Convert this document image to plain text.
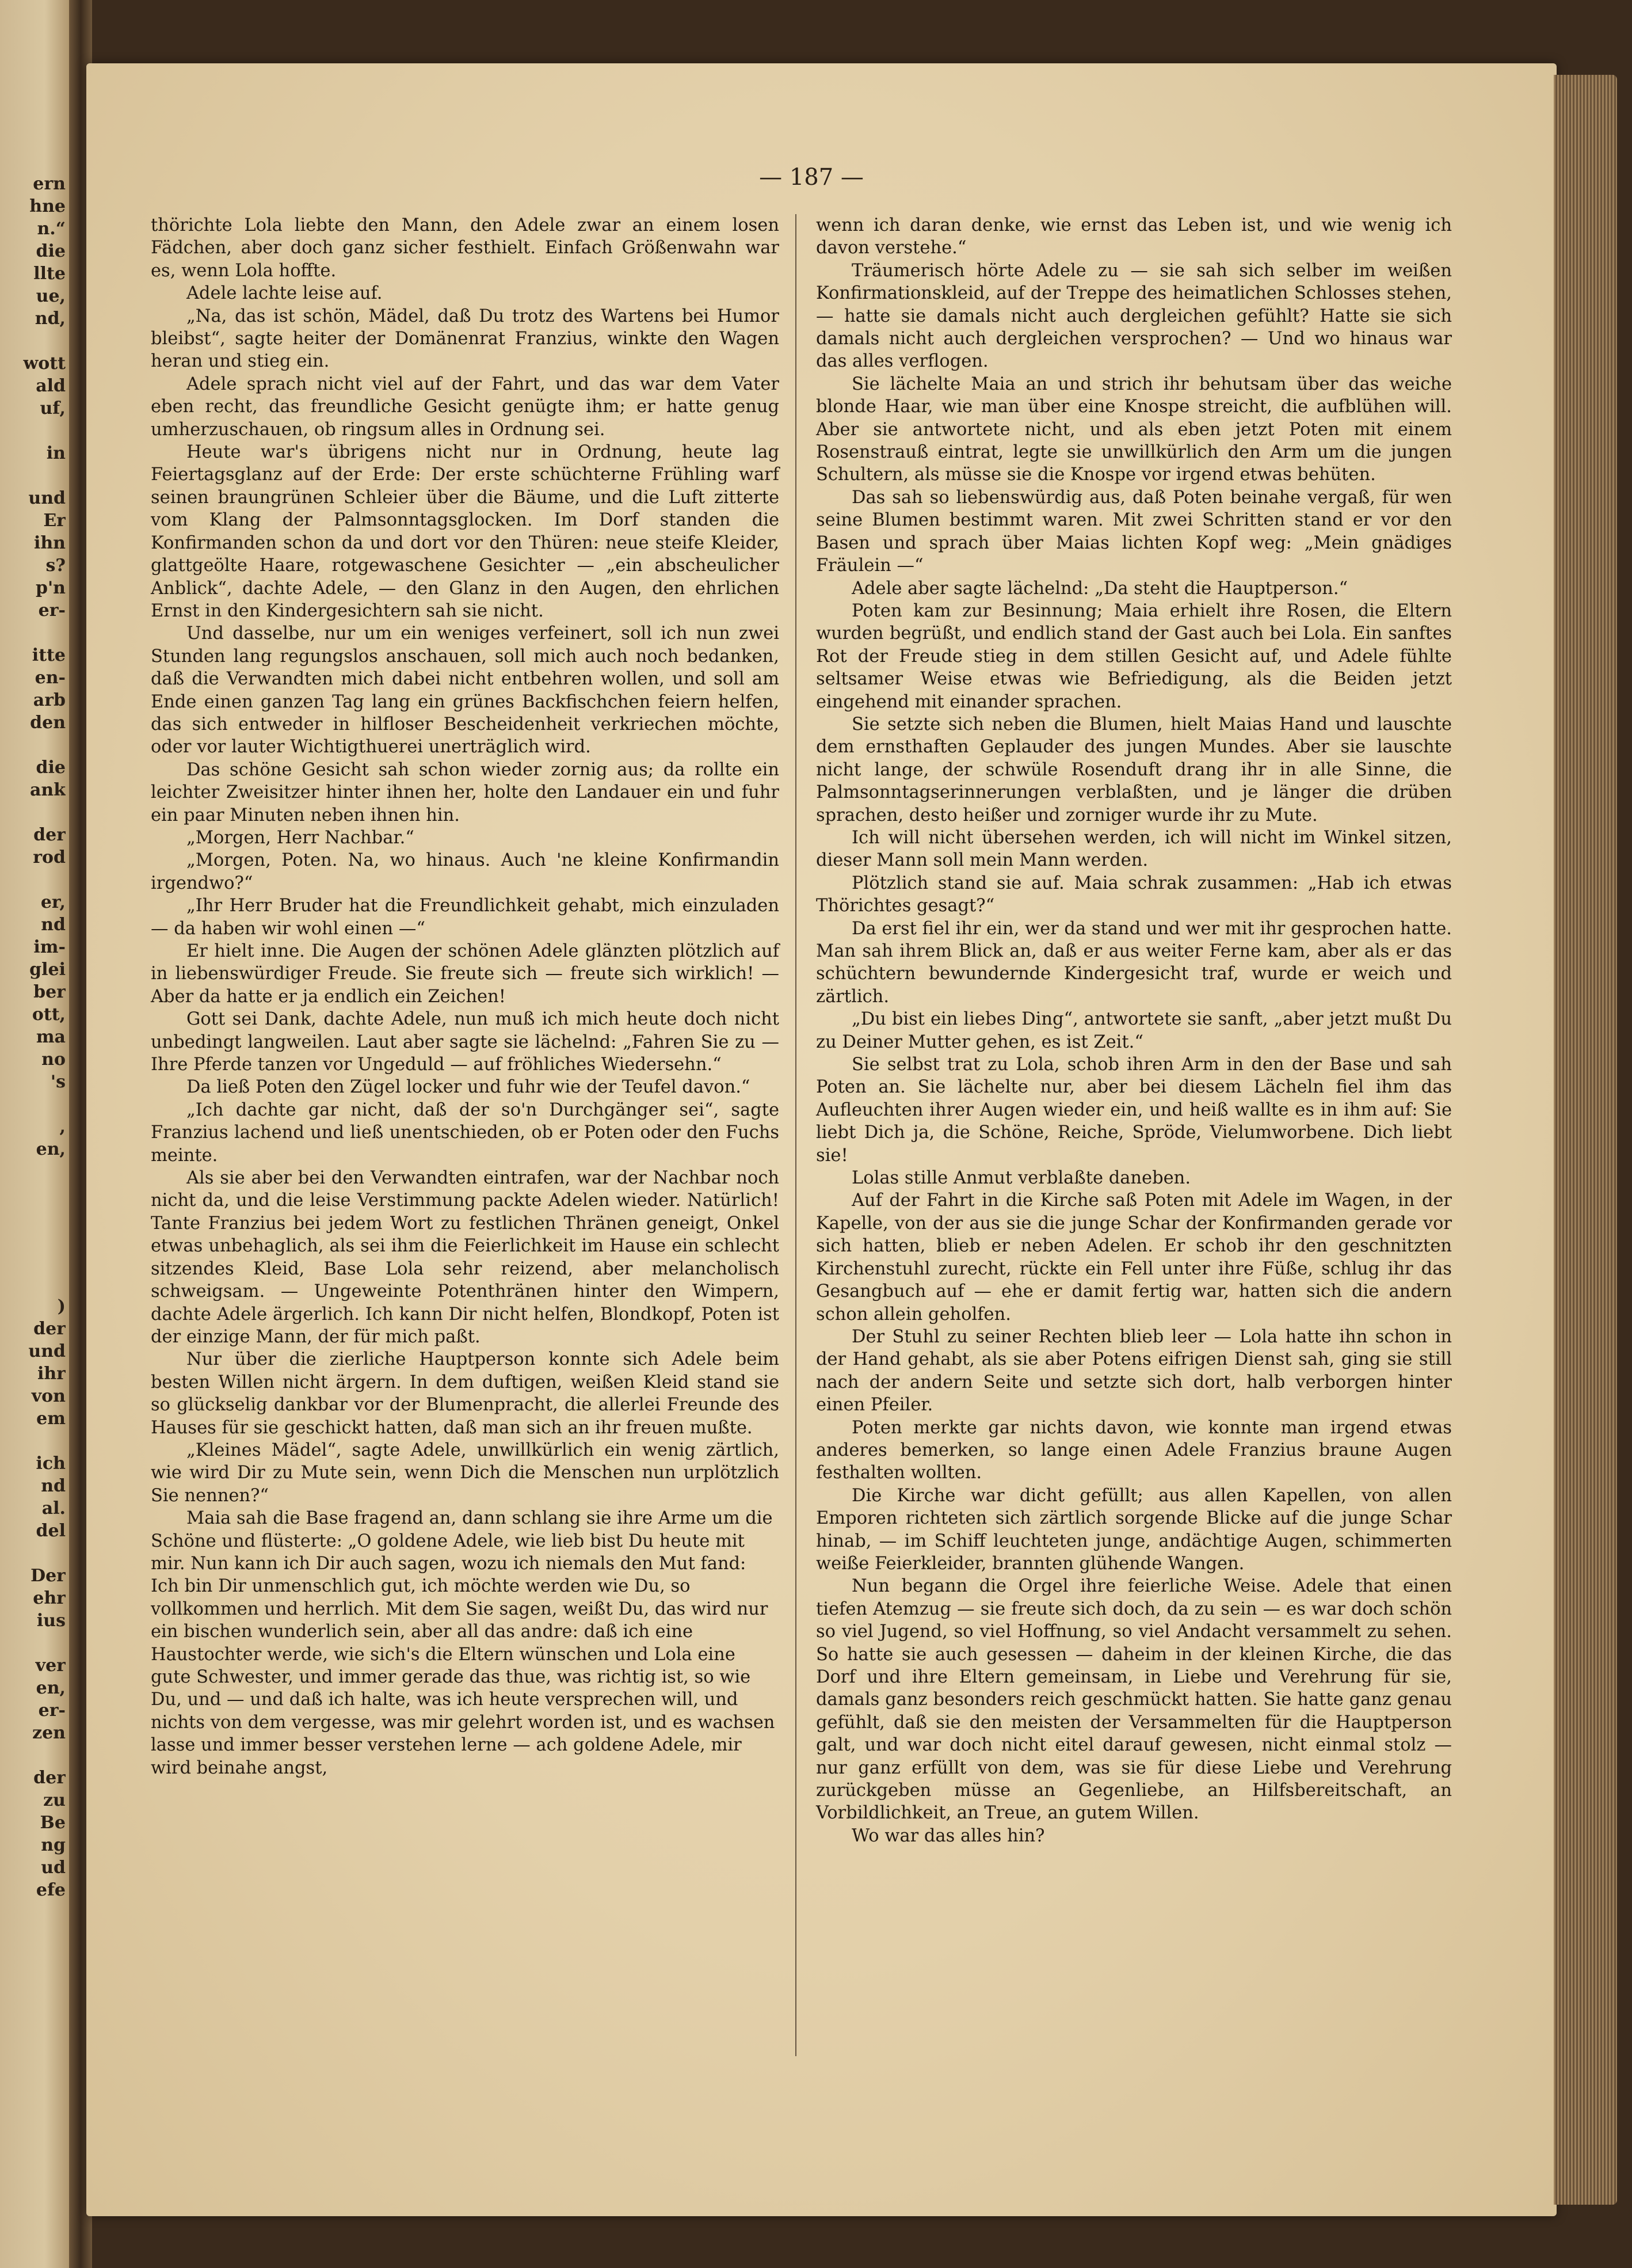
ern
hne
n.“
die
llte
ue,
nd,
wott
ald
uf,
in
und
Er
ihn
s?
p'n
er-
itte
en-
arb
den
die
ank
der
rod
er,
nd
im-
glei
ber
ott,
ma
no
's
,
en,
)
der
und
ihr
von
em
ich
nd
al.
del
Der
ehr
ius
ver
en,
er-
zen
der
zu
Be
ng
ud
efe
— 187 —

thörichte Lola liebte den Mann, den Adele zwar an einem losen Fädchen, aber doch ganz sicher festhielt. Einfach Größenwahn war es, wenn Lola hoffte.

Adele lachte leise auf.

„Na, das ist schön, Mädel, daß Du trotz des Wartens bei Humor bleibst“, sagte heiter der Domänenrat Franzius, winkte den Wagen heran und stieg ein.

Adele sprach nicht viel auf der Fahrt, und das war dem Vater eben recht, das freundliche Gesicht genügte ihm; er hatte genug umherzuschauen, ob ringsum alles in Ordnung sei.

Heute war's übrigens nicht nur in Ordnung, heute lag Feiertagsglanz auf der Erde: Der erste schüchterne Frühling warf seinen braungrünen Schleier über die Bäume, und die Luft zitterte vom Klang der Palmsonntagsglocken. Im Dorf standen die Konfirmanden schon da und dort vor den Thüren: neue steife Kleider, glattgeölte Haare, rotgewaschene Gesichter — „ein abscheulicher Anblick“, dachte Adele, — den Glanz in den Augen, den ehrlichen Ernst in den Kindergesichtern sah sie nicht.

Und dasselbe, nur um ein weniges verfeinert, soll ich nun zwei Stunden lang regungslos anschauen, soll mich auch noch bedanken, daß die Verwandten mich dabei nicht entbehren wollen, und soll am Ende einen ganzen Tag lang ein grünes Backfischchen feiern helfen, das sich entweder in hilfloser Bescheidenheit verkriechen möchte, oder vor lauter Wichtigthuerei unerträglich wird.

Das schöne Gesicht sah schon wieder zornig aus; da rollte ein leichter Zweisitzer hinter ihnen her, holte den Landauer ein und fuhr ein paar Minuten neben ihnen hin.

„Morgen, Herr Nachbar.“

„Morgen, Poten. Na, wo hinaus. Auch 'ne kleine Konfirmandin irgendwo?“

„Ihr Herr Bruder hat die Freundlichkeit gehabt, mich einzuladen — da haben wir wohl einen —“

Er hielt inne. Die Augen der schönen Adele glänzten plötzlich auf in liebenswürdiger Freude. Sie freute sich — freute sich wirklich! — Aber da hatte er ja endlich ein Zeichen!

Gott sei Dank, dachte Adele, nun muß ich mich heute doch nicht unbedingt langweilen. Laut aber sagte sie lächelnd: „Fahren Sie zu — Ihre Pferde tanzen vor Ungeduld — auf fröhliches Wiedersehn.“

Da ließ Poten den Zügel locker und fuhr wie der Teufel davon.“

„Ich dachte gar nicht, daß der so'n Durchgänger sei“, sagte Franzius lachend und ließ unentschieden, ob er Poten oder den Fuchs meinte.

Als sie aber bei den Verwandten eintrafen, war der Nachbar noch nicht da, und die leise Verstimmung packte Adelen wieder. Natürlich! Tante Franzius bei jedem Wort zu festlichen Thränen geneigt, Onkel etwas unbehaglich, als sei ihm die Feierlichkeit im Hause ein schlecht sitzendes Kleid, Base Lola sehr reizend, aber melancholisch schweigsam. — Ungeweinte Potenthränen hinter den Wimpern, dachte Adele ärgerlich. Ich kann Dir nicht helfen, Blondkopf, Poten ist der einzige Mann, der für mich paßt.

Nur über die zierliche Hauptperson konnte sich Adele beim besten Willen nicht ärgern. In dem duftigen, weißen Kleid stand sie so glückselig dankbar vor der Blumenpracht, die allerlei Freunde des Hauses für sie geschickt hatten, daß man sich an ihr freuen mußte.

„Kleines Mädel“, sagte Adele, unwillkürlich ein wenig zärtlich, wie wird Dir zu Mute sein, wenn Dich die Menschen nun urplötzlich Sie nennen?“

Maia sah die Base fragend an, dann schlang sie ihre Arme um die Schöne und flüsterte: „O goldene Adele, wie lieb bist Du heute mit mir. Nun kann ich Dir auch sagen, wozu ich niemals den Mut fand: Ich bin Dir unmenschlich gut, ich möchte werden wie Du, so vollkommen und herrlich. Mit dem Sie sagen, weißt Du, das wird nur ein bischen wunderlich sein, aber all das andre: daß ich eine Haustochter werde, wie sich's die Eltern wünschen und Lola eine gute Schwester, und immer gerade das thue, was richtig ist, so wie Du, und — und daß ich halte, was ich heute versprechen will, und nichts von dem vergesse, was mir gelehrt worden ist, und es wachsen lasse und immer besser verstehen lerne — ach goldene Adele, mir wird beinahe angst,

wenn ich daran denke, wie ernst das Leben ist, und wie wenig ich davon verstehe.“

Träumerisch hörte Adele zu — sie sah sich selber im weißen Konfirmationskleid, auf der Treppe des heimatlichen Schlosses stehen, — hatte sie damals nicht auch dergleichen gefühlt? Hatte sie sich damals nicht auch dergleichen versprochen? — Und wo hinaus war das alles verflogen.

Sie lächelte Maia an und strich ihr behutsam über das weiche blonde Haar, wie man über eine Knospe streicht, die aufblühen will. Aber sie antwortete nicht, und als eben jetzt Poten mit einem Rosenstrauß eintrat, legte sie unwillkürlich den Arm um die jungen Schultern, als müsse sie die Knospe vor irgend etwas behüten.

Das sah so liebenswürdig aus, daß Poten beinahe vergaß, für wen seine Blumen bestimmt waren. Mit zwei Schritten stand er vor den Basen und sprach über Maias lichten Kopf weg: „Mein gnädiges Fräulein —“

Adele aber sagte lächelnd: „Da steht die Hauptperson.“

Poten kam zur Besinnung; Maia erhielt ihre Rosen, die Eltern wurden begrüßt, und endlich stand der Gast auch bei Lola. Ein sanftes Rot der Freude stieg in dem stillen Gesicht auf, und Adele fühlte seltsamer Weise etwas wie Befriedigung, als die Beiden jetzt eingehend mit einander sprachen.

Sie setzte sich neben die Blumen, hielt Maias Hand und lauschte dem ernsthaften Geplauder des jungen Mundes. Aber sie lauschte nicht lange, der schwüle Rosenduft drang ihr in alle Sinne, die Palmsonntagserinnerungen verblaßten, und je länger die drüben sprachen, desto heißer und zorniger wurde ihr zu Mute.

Ich will nicht übersehen werden, ich will nicht im Winkel sitzen, dieser Mann soll mein Mann werden.

Plötzlich stand sie auf. Maia schrak zusammen: „Hab ich etwas Thörichtes gesagt?“

Da erst fiel ihr ein, wer da stand und wer mit ihr gesprochen hatte. Man sah ihrem Blick an, daß er aus weiter Ferne kam, aber als er das schüchtern bewundernde Kindergesicht traf, wurde er weich und zärtlich.

„Du bist ein liebes Ding“, antwortete sie sanft, „aber jetzt mußt Du zu Deiner Mutter gehen, es ist Zeit.“

Sie selbst trat zu Lola, schob ihren Arm in den der Base und sah Poten an. Sie lächelte nur, aber bei diesem Lächeln fiel ihm das Aufleuchten ihrer Augen wieder ein, und heiß wallte es in ihm auf: Sie liebt Dich ja, die Schöne, Reiche, Spröde, Vielumworbene. Dich liebt sie!

Lolas stille Anmut verblaßte daneben.

Auf der Fahrt in die Kirche saß Poten mit Adele im Wagen, in der Kapelle, von der aus sie die junge Schar der Konfirmanden gerade vor sich hatten, blieb er neben Adelen. Er schob ihr den geschnitzten Kirchenstuhl zurecht, rückte ein Fell unter ihre Füße, schlug ihr das Gesangbuch auf — ehe er damit fertig war, hatten sich die andern schon allein geholfen.

Der Stuhl zu seiner Rechten blieb leer — Lola hatte ihn schon in der Hand gehabt, als sie aber Potens eifrigen Dienst sah, ging sie still nach der andern Seite und setzte sich dort, halb verborgen hinter einen Pfeiler.

Poten merkte gar nichts davon, wie konnte man irgend etwas anderes bemerken, so lange einen Adele Franzius braune Augen festhalten wollten.

Die Kirche war dicht gefüllt; aus allen Kapellen, von allen Emporen richteten sich zärtlich sorgende Blicke auf die junge Schar hinab, — im Schiff leuchteten junge, andächtige Augen, schimmerten weiße Feierkleider, brannten glühende Wangen.

Nun begann die Orgel ihre feierliche Weise. Adele that einen tiefen Atemzug — sie freute sich doch, da zu sein — es war doch schön so viel Jugend, so viel Hoffnung, so viel Andacht versammelt zu sehen. So hatte sie auch gesessen — daheim in der kleinen Kirche, die das Dorf und ihre Eltern gemeinsam, in Liebe und Verehrung für sie, damals ganz besonders reich geschmückt hatten. Sie hatte ganz genau gefühlt, daß sie den meisten der Versammelten für die Hauptperson galt, und war doch nicht eitel darauf gewesen, nicht einmal stolz — nur ganz erfüllt von dem, was sie für diese Liebe und Verehrung zurückgeben müsse an Gegenliebe, an Hilfsbereitschaft, an Vorbildlichkeit, an Treue, an gutem Willen.

Wo war das alles hin?
